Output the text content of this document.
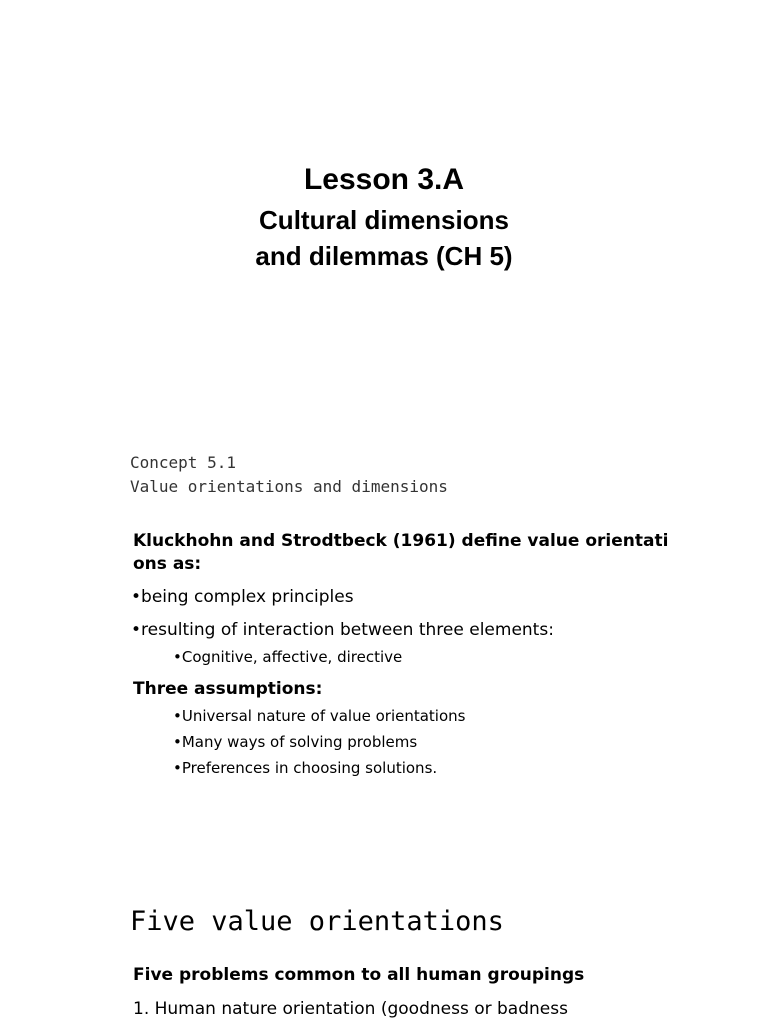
Lesson 3.A
Cultural dimensions
and dilemmas (CH 5)
Concept 5.1
Value orientations and dimensions
Kluckhohn and Strodtbeck (1961) define value orientati
ons as:
•being complex principles
•resulting of interaction between three elements:
•Cognitive, affective, directive
Three assumptions:
•Universal nature of value orientations
•Many ways of solving problems
•Preferences in choosing solutions.
Five value orientations
Five problems common to all human groupings
1. Human nature orientation (goodness or badness
